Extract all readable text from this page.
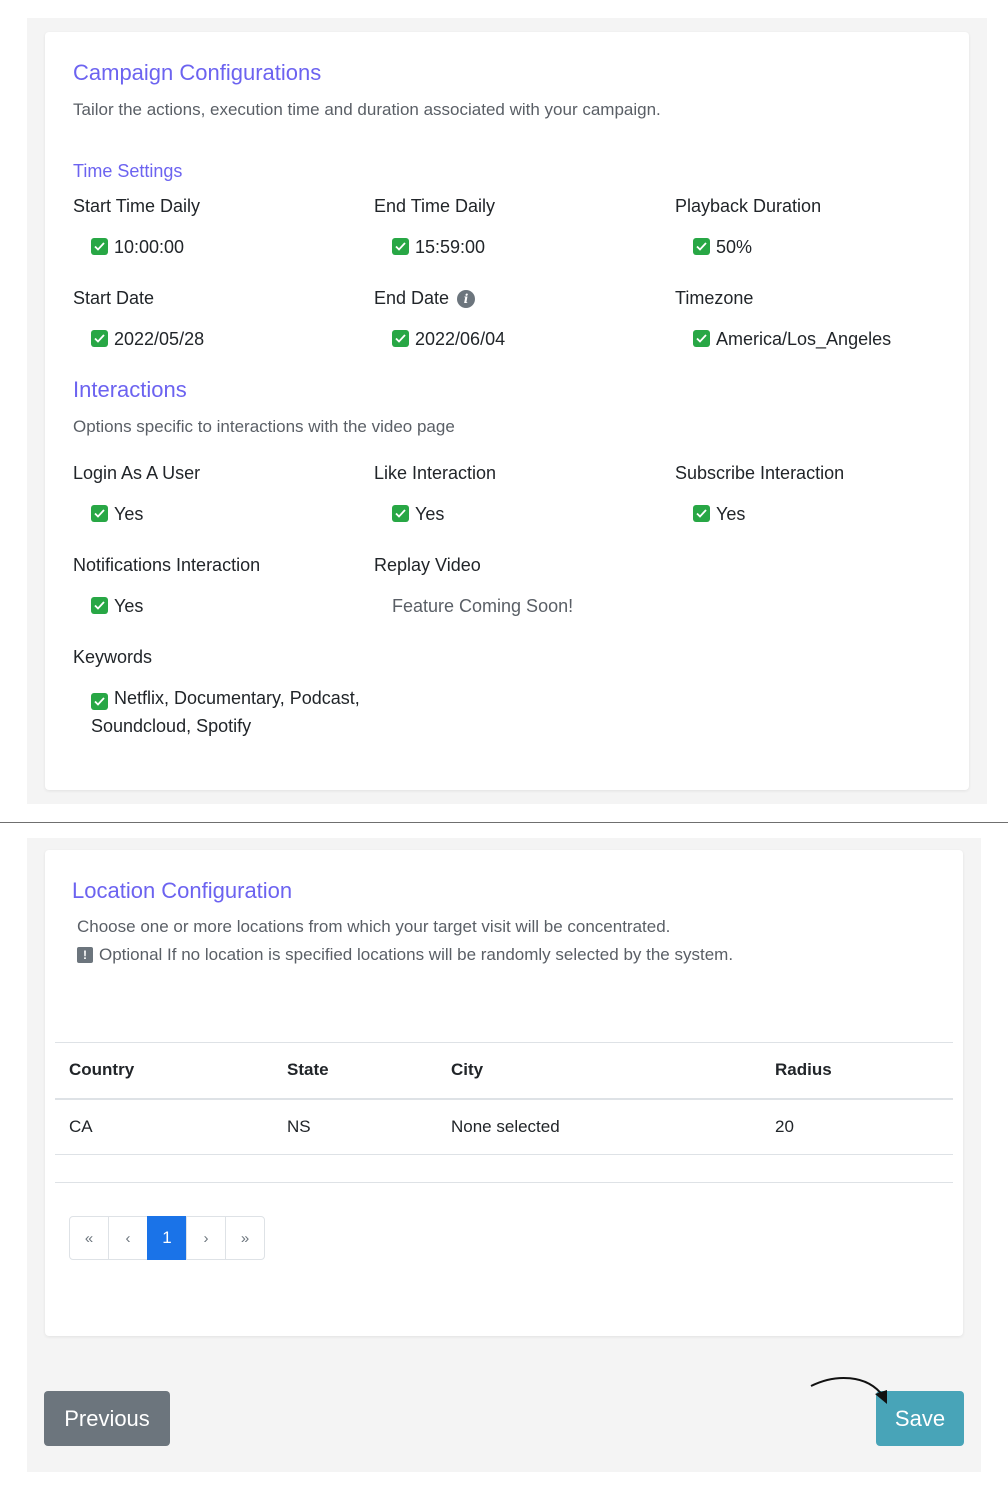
Campaign Configurations

Tailor the actions, execution time and duration associated with your campaign.

Time Settings
Start Time Daily
10:00:00
End Time Daily
15:59:00
Playback Duration
50%
Start Date
2022/05/28
End Date	i
2022/06/04
Timezone
America/Los_Angeles
Interactions

Options specific to interactions with the video page

Login As A User
Yes
Like Interaction
Yes
Subscribe Interaction
Yes
Notifications Interaction
Yes
Replay Video
Feature Coming Soon!
Keywords
Netflix, Documentary, Podcast, Soundcloud, Spotify
Location Configuration

Choose one or more locations from which your target visit will be concentrated.

! Optional If no location is specified locations will be randomly selected by the system.
Country	State	City	Radius
CA	NS	None selected	20

«	‹	1	›	»
Previous	Save
